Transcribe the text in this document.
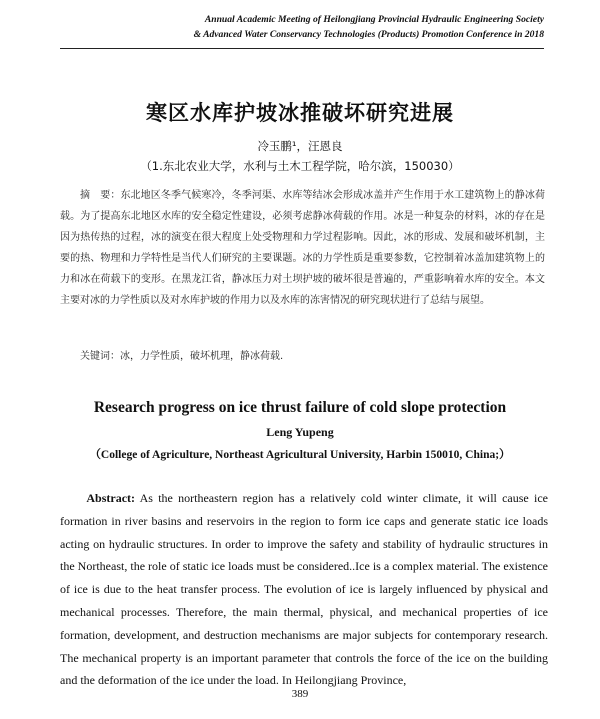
Annual Academic Meeting of Heilongjiang Provincial Hydraulic Engineering Society
& Advanced Water Conservancy Technologies (Products) Promotion Conference in 2018
寒区水库护坡冰推破坏研究进展
冷玉鹏¹，汪恩良
（1.东北农业大学，水利与土木工程学院，哈尔滨，150030）
摘　要：东北地区冬季气候寒冷，冬季河渠、水库等结冰会形成冰盖并产生作用于水工建筑物上的静冰荷载。为了提高东北地区水库的安全稳定性建设，必须考虑静冰荷载的作用。冰是一种复杂的材料，冰的存在是因为热传热的过程，冰的演变在很大程度上处受物理和力学过程影响。因此，冰的形成、发展和破坏机制，主要的热、物理和力学特性是当代人们研究的主要课题。冰的力学性质是重要参数，它控制着冰盖加建筑物上的力和冰在荷载下的变形。在黑龙江省，静冰压力对土坝护坡的破坏很是普遍的，严重影响着水库的安全。本文主要对冰的力学性质以及对水库护坡的作用力以及水库的冻害情况的研究现状进行了总结与展望。
关键词：冰，力学性质，破坏机理，静冰荷载.
Research progress on ice thrust failure of cold slope protection
Leng Yupeng
（College of Agriculture, Northeast Agricultural University, Harbin 150010, China;）
Abstract: As the northeastern region has a relatively cold winter climate, it will cause ice formation in river basins and reservoirs in the region to form ice caps and generate static ice loads acting on hydraulic structures. In order to improve the safety and stability of hydraulic structures in the Northeast, the role of static ice loads must be considered..Ice is a complex material. The existence of ice is due to the heat transfer process. The evolution of ice is largely influenced by physical and mechanical processes. Therefore, the main thermal, physical, and mechanical properties of ice formation, development, and destruction mechanisms are major subjects for contemporary research. The mechanical property is an important parameter that controls the force of the ice on the building and the deformation of the ice under the load. In Heilongjiang Province,
389
